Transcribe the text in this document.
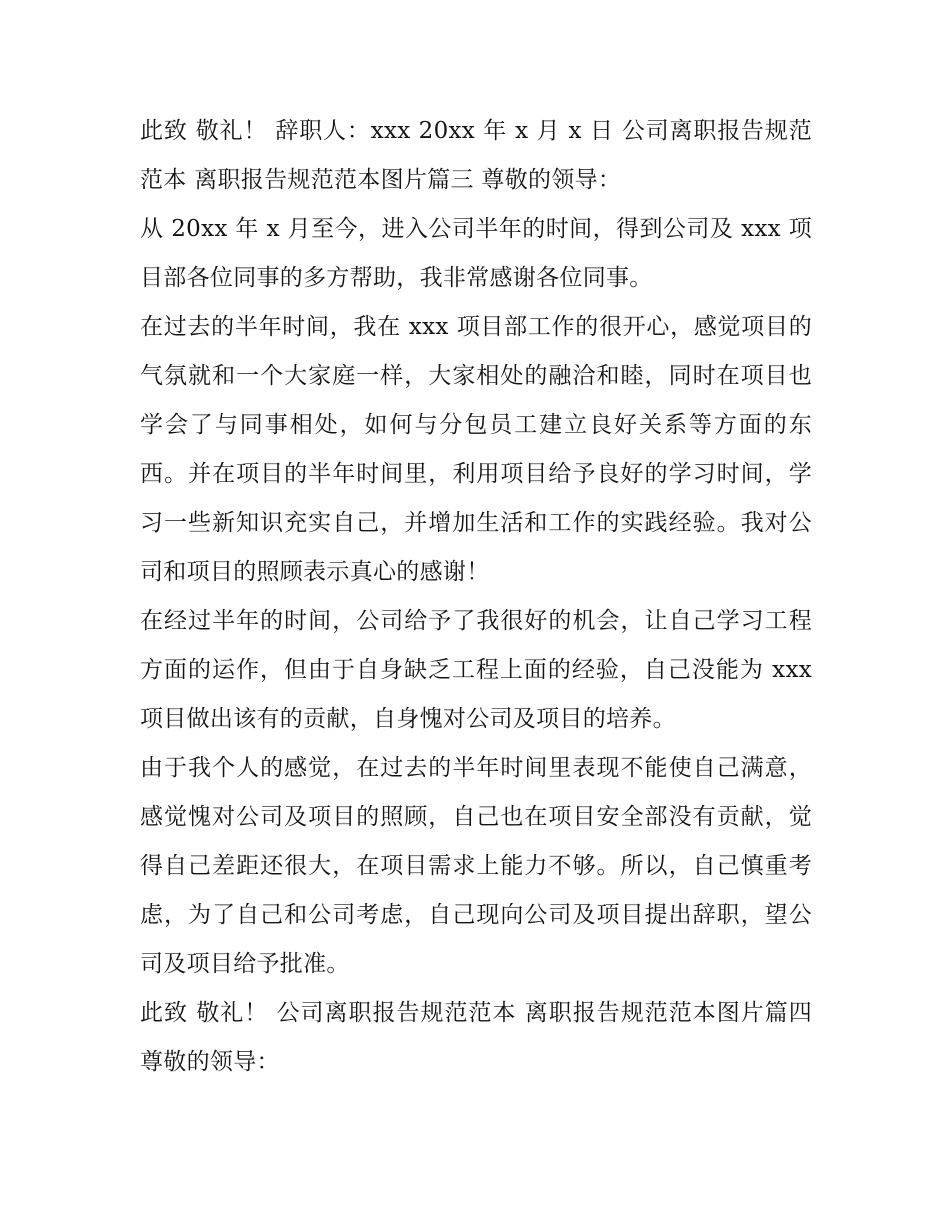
此致 敬礼！ 辞职人：xxx 20xx 年 x 月 x 日 公司离职报告规范范本 离职报告规范范本图片篇三 尊敬的领导：

从 20xx 年 x 月至今，进入公司半年的时间，得到公司及 xxx 项目部各位同事的多方帮助，我非常感谢各位同事。

在过去的半年时间，我在 xxx 项目部工作的很开心，感觉项目的气氛就和一个大家庭一样，大家相处的融洽和睦，同时在项目也学会了与同事相处，如何与分包员工建立良好关系等方面的东西。并在项目的半年时间里，利用项目给予良好的学习时间，学习一些新知识充实自己，并增加生活和工作的实践经验。我对公司和项目的照顾表示真心的感谢！

在经过半年的时间，公司给予了我很好的机会，让自己学习工程方面的运作，但由于自身缺乏工程上面的经验，自己没能为 xxx 项目做出该有的贡献，自身愧对公司及项目的培养。

由于我个人的感觉，在过去的半年时间里表现不能使自己满意，感觉愧对公司及项目的照顾，自己也在项目安全部没有贡献，觉得自己差距还很大，在项目需求上能力不够。所以，自己慎重考虑，为了自己和公司考虑，自己现向公司及项目提出辞职，望公司及项目给予批准。

此致 敬礼！ 公司离职报告规范范本 离职报告规范范本图片篇四 尊敬的领导：
